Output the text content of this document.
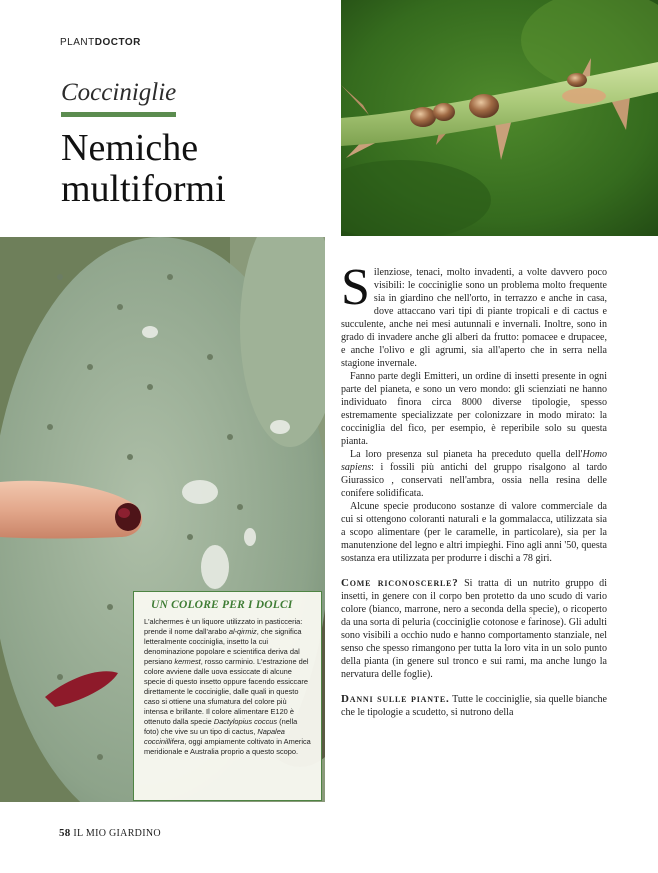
PLANTDOCTOR
Cocciniglie
Nemiche
multiformi
UN COLORE PER I DOLCI

L'alchermes è un liquore utilizzato in pasticceria: prende il nome dall'arabo al-qirmiz, che significa letteralmente cocciniglia, insetto la cui denominazione popolare e scientifica deriva dal persiano kermest, rosso carminio. L'estrazione del colore avviene dalle uova essiccate di alcune specie di questo insetto oppure facendo essiccare direttamente le cocciniglie, dalle quali in questo caso si ottiene una sfumatura del colore più intensa e brillante. Il colore alimentare E120 è ottenuto dalla specie Dactylopius coccus (nella foto) che vive su un tipo di cactus, Napalea coccinillifera, oggi ampiamente coltivato in America meridionale e Australia proprio a questo scopo.

Silenziose, tenaci, molto invadenti, a volte davvero poco visibili: le cocciniglie sono un problema molto frequente sia in giardino che nell'orto, in terrazzo e anche in casa, dove attaccano vari tipi di piante tropicali e di cactus e succulente, anche nei mesi autunnali e invernali. Inoltre, sono in grado di invadere anche gli alberi da frutto: pomacee e drupacee, e anche l'olivo e gli agrumi, sia all'aperto che in serra nella stagione invernale.

Fanno parte degli Emitteri, un ordine di insetti presente in ogni parte del pianeta, e sono un vero mondo: gli scienziati ne hanno individuato finora circa 8000 diverse tipologie, spesso estremamente specializzate per colonizzare in modo mirato: la cocciniglia del fico, per esempio, è reperibile solo su questa pianta.

La loro presenza sul pianeta ha preceduto quella dell'Homo sapiens: i fossili più antichi del gruppo risalgono al tardo Giurassico , conservati nell'ambra, ossia nella resina delle conifere solidificata.

Alcune specie producono sostanze di valore commerciale da cui si ottengono coloranti naturali e la gommalacca, utilizzata sia a scopo alimentare (per le caramelle, in particolare), sia per la manutenzione del legno e altri impieghi. Fino agli anni '50, questa sostanza era utilizzata per produrre i dischi a 78 giri.

Come riconoscerle? Si tratta di un nutrito gruppo di insetti, in genere con il corpo ben protetto da uno scudo di vario colore (bianco, marrone, nero a seconda della specie), o ricoperto da una sorta di peluria (cocciniglie cotonose e farinose). Gli adulti sono visibili a occhio nudo e hanno comportamento stanziale, nel senso che spesso rimangono per tutta la loro vita in un solo punto della pianta (in genere sul tronco e sui rami, ma anche lungo la nervatura delle foglie).

Danni sulle piante. Tutte le cocciniglie, sia quelle bianche che le tipologie a scudetto, si nutrono della

58 IL MIO GIARDINO
